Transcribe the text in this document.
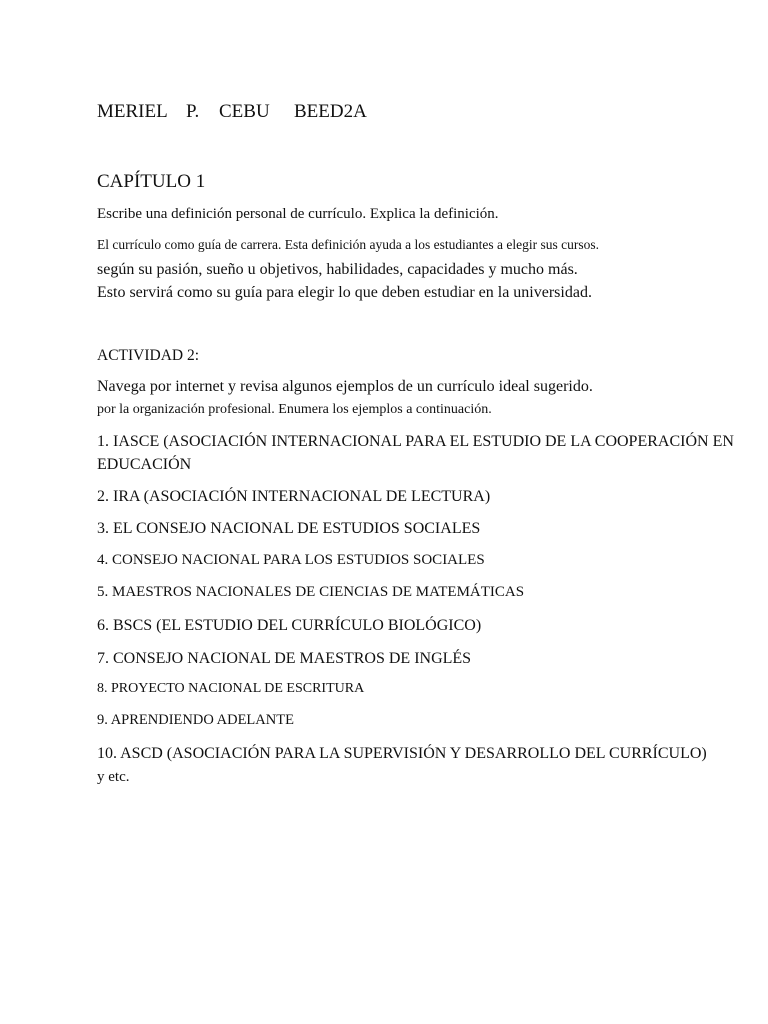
MERIEL P. CEBU BEED2A
CAPÍTULO 1
Escribe una definición personal de currículo. Explica la definición.
El currículo como guía de carrera. Esta definición ayuda a los estudiantes a elegir sus cursos.
según su pasión, sueño u objetivos, habilidades, capacidades y mucho más.
Esto servirá como su guía para elegir lo que deben estudiar en la universidad.
ACTIVIDAD 2:
Navega por internet y revisa algunos ejemplos de un currículo ideal sugerido.
por la organización profesional. Enumera los ejemplos a continuación.
1. IASCE (ASOCIACIÓN INTERNACIONAL PARA EL ESTUDIO DE LA COOPERACIÓN EN
EDUCACIÓN
2. IRA (ASOCIACIÓN INTERNACIONAL DE LECTURA)
3. EL CONSEJO NACIONAL DE ESTUDIOS SOCIALES
4. CONSEJO NACIONAL PARA LOS ESTUDIOS SOCIALES
5. MAESTROS NACIONALES DE CIENCIAS DE MATEMÁTICAS
6. BSCS (EL ESTUDIO DEL CURRÍCULO BIOLÓGICO)
7. CONSEJO NACIONAL DE MAESTROS DE INGLÉS
8. PROYECTO NACIONAL DE ESCRITURA
9. APRENDIENDO ADELANTE
10. ASCD (ASOCIACIÓN PARA LA SUPERVISIÓN Y DESARROLLO DEL CURRÍCULO)
y etc.
